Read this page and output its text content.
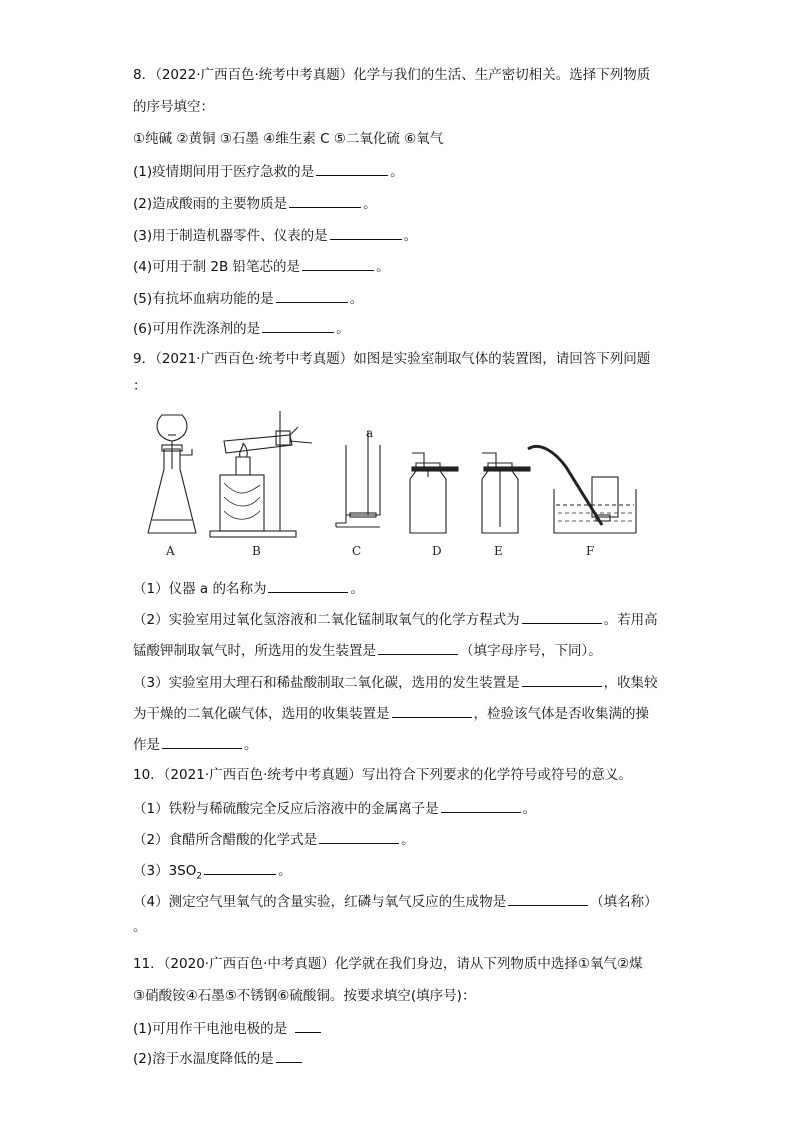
8．（2022·广西百色·统考中考真题）化学与我们的生活、生产密切相关。选择下列物质
的序号填空：
①纯碱 ②黄铜 ③石墨 ④维生素 C ⑤二氧化硫 ⑥氧气
(1)疫情期间用于医疗急救的是	。
(2)造成酸雨的主要物质是	。
(3)用于制造机器零件、仪表的是	。
(4)可用于制 2B 铅笔芯的是	。
(5)有抗坏血病功能的是	。
(6)可用作洗涤剂的是	。
9．（2021·广西百色·统考中考真题）如图是实验室制取气体的装置图，请回答下列问题
：
A	B	C	D	E	F
a
（1）仪器 a 的名称为	。
（2）实验室用过氧化氢溶液和二氧化锰制取氧气的化学方程式为	。若用高
锰酸钾制取氧气时，所选用的发生装置是	（填字母序号，下同）。
（3）实验室用大理石和稀盐酸制取二氧化碳，选用的发生装置是	，收集较
为干燥的二氧化碳气体，选用的收集装置是	，检验该气体是否收集满的操
作是	。
10．（2021·广西百色·统考中考真题）写出符合下列要求的化学符号或符号的意义。
（1）铁粉与稀硫酸完全反应后溶液中的金属离子是	。
（2）食醋所含醋酸的化学式是	。
$(3)3SO_2$	。
（4）测定空气里氧气的含量实验，红磷与氧气反应的生成物是	（填名称）
。
11．（2020·广西百色·中考真题）化学就在我们身边，请从下列物质中选择①氧气②煤
③硝酸铵④石墨⑤不锈钢⑥硫酸铜。按要求填空(填序号)：
(1)可用作干电池电极的是
(2)溶于水温度降低的是
